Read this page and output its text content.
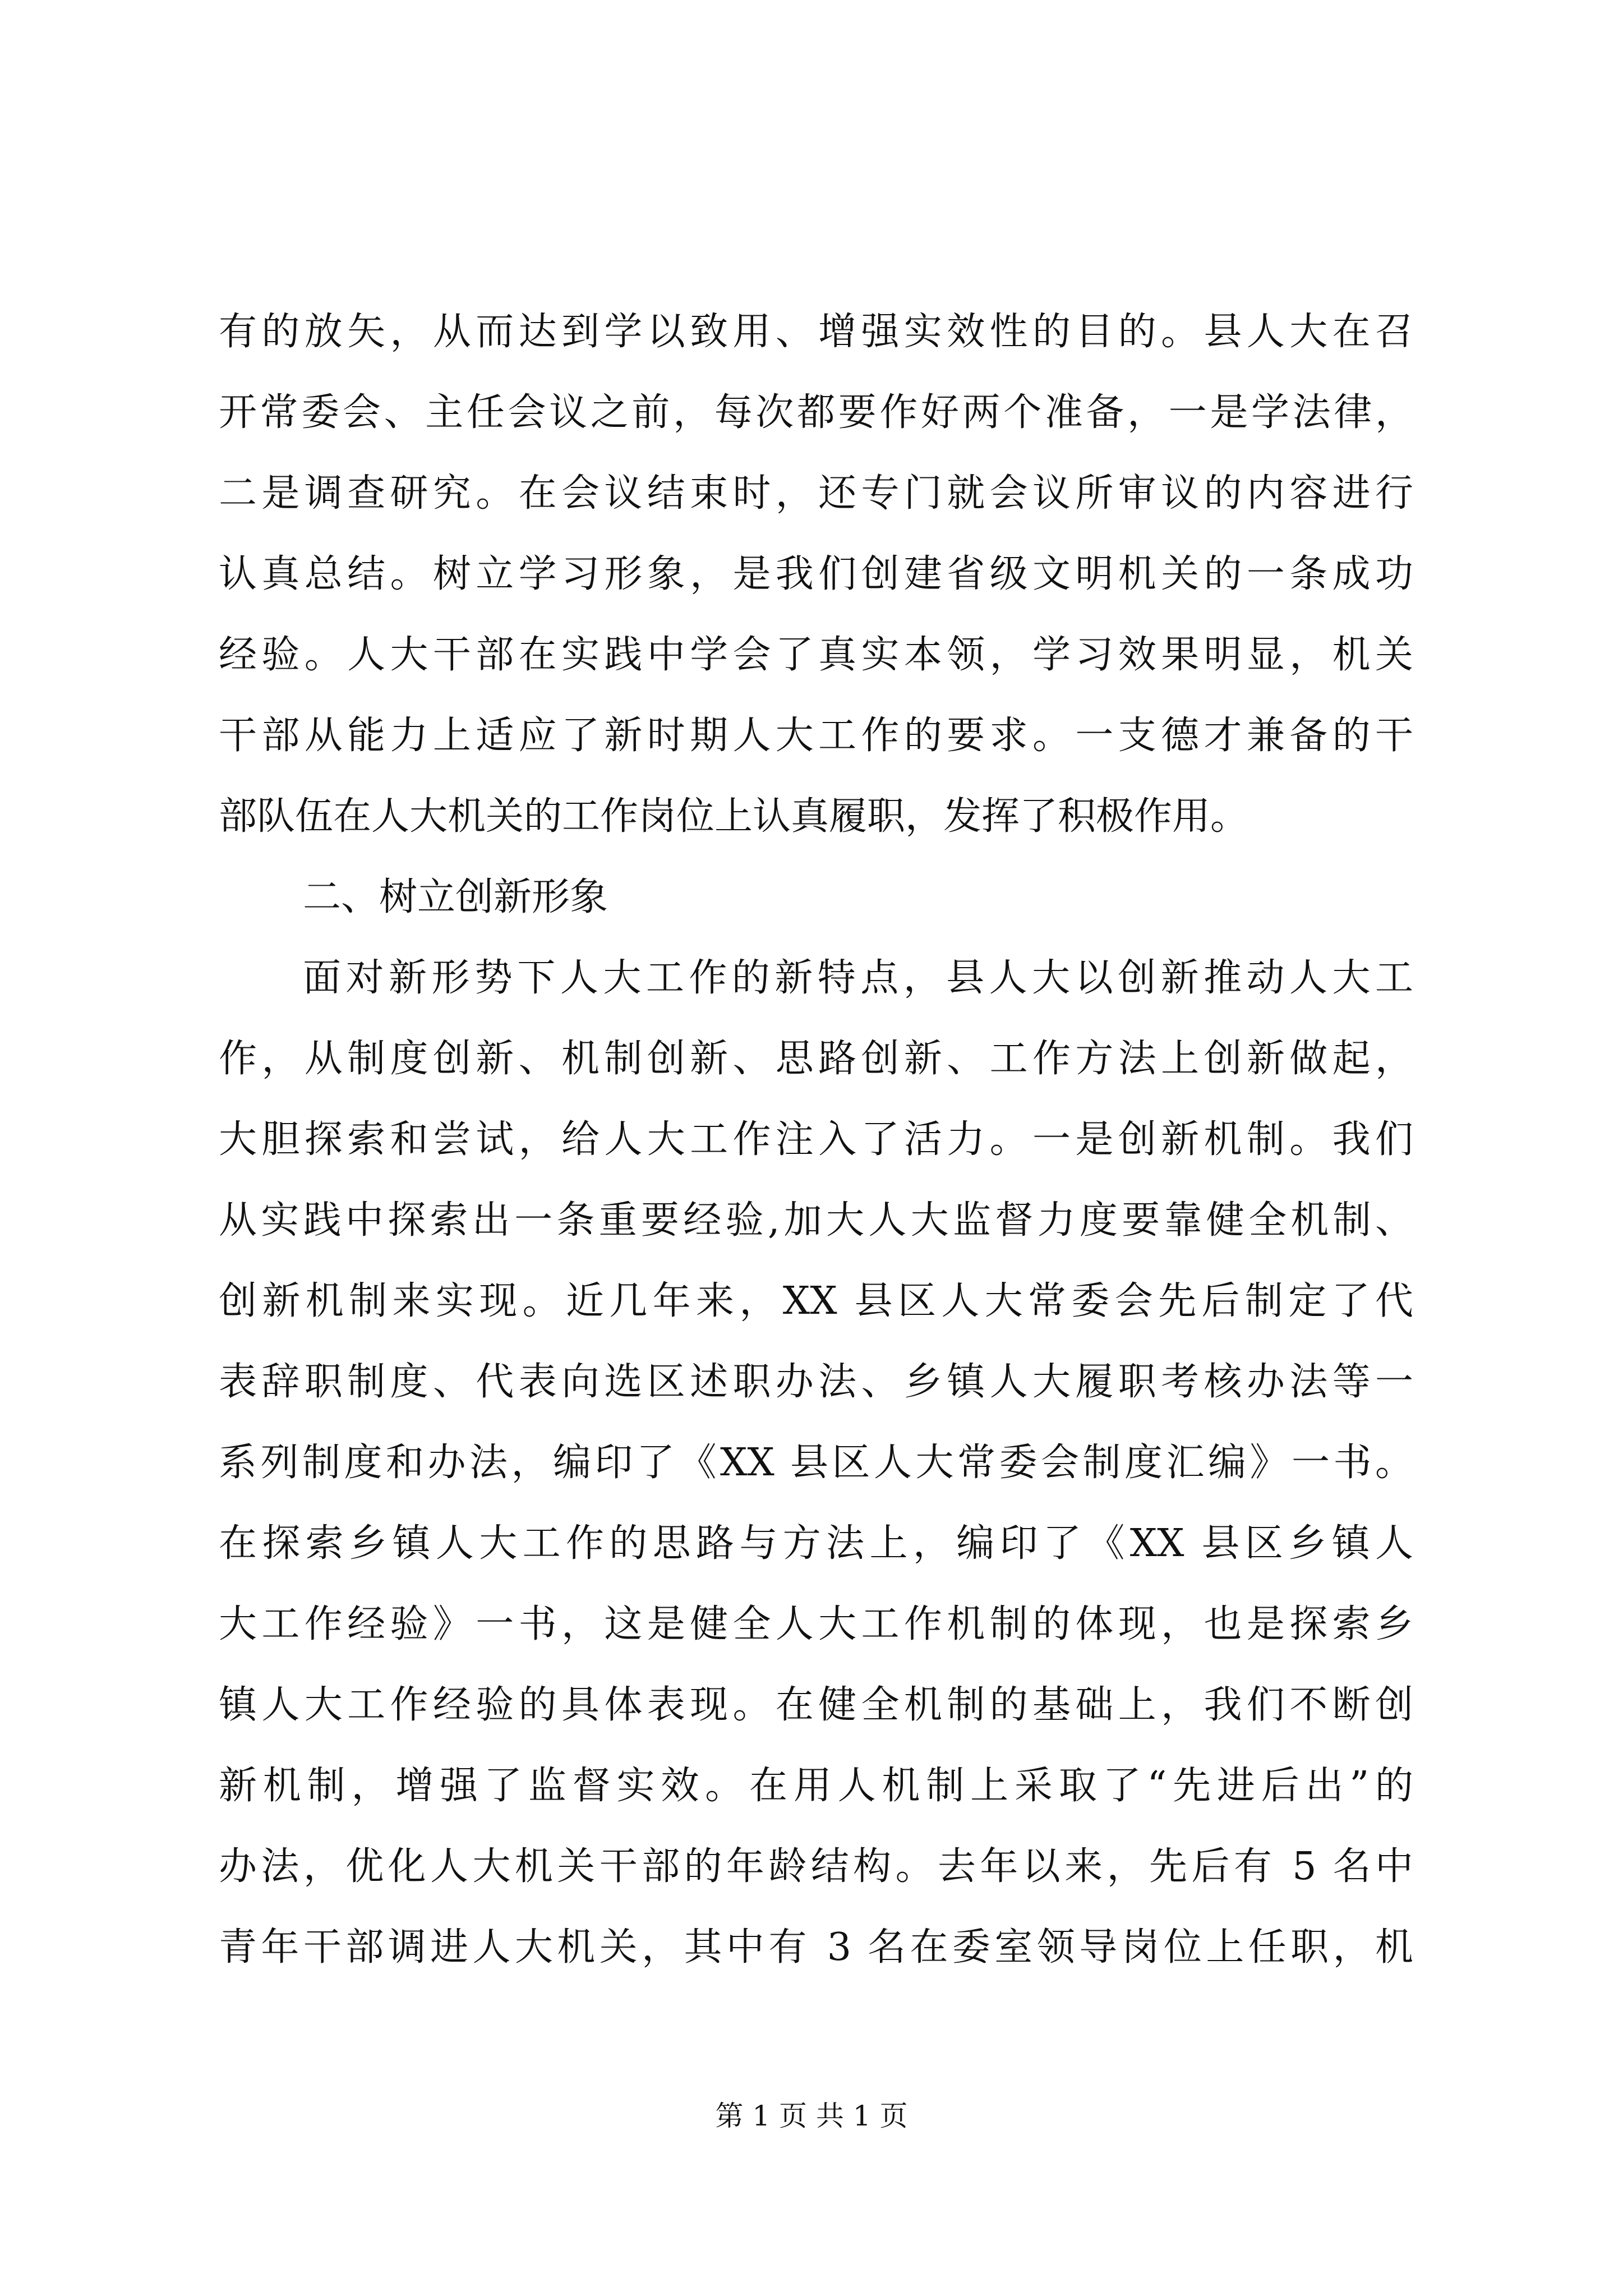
有的放矢，从而达到学以致用、增强实效性的目的。县人大在召
开常委会、主任会议之前，每次都要作好两个准备，一是学法律，
二是调查研究。在会议结束时，还专门就会议所审议的内容进行
认真总结。树立学习形象，是我们创建省级文明机关的一条成功
经验。人大干部在实践中学会了真实本领，学习效果明显，机关
干部从能力上适应了新时期人大工作的要求。一支德才兼备的干
部队伍在人大机关的工作岗位上认真履职，发挥了积极作用。
二、树立创新形象
面对新形势下人大工作的新特点，县人大以创新推动人大工
作，从制度创新、机制创新、思路创新、工作方法上创新做起，
大胆探索和尝试，给人大工作注入了活力。一是创新机制。我们
从实践中探索出一条重要经验,加大人大监督力度要靠健全机制、
创新机制来实现。近几年来，XX 县区人大常委会先后制定了代
表辞职制度、代表向选区述职办法、乡镇人大履职考核办法等一
系列制度和办法，编印了《XX 县区人大常委会制度汇编》一书。
在探索乡镇人大工作的思路与方法上，编印了《XX 县区乡镇人
大工作经验》一书，这是健全人大工作机制的体现，也是探索乡
镇人大工作经验的具体表现。在健全机制的基础上，我们不断创
新机制，增强了监督实效。在用人机制上采取了“先进后出”的
办法，优化人大机关干部的年龄结构。去年以来，先后有 5 名中
青年干部调进人大机关，其中有 3 名在委室领导岗位上任职，机
第 1 页 共 1 页
